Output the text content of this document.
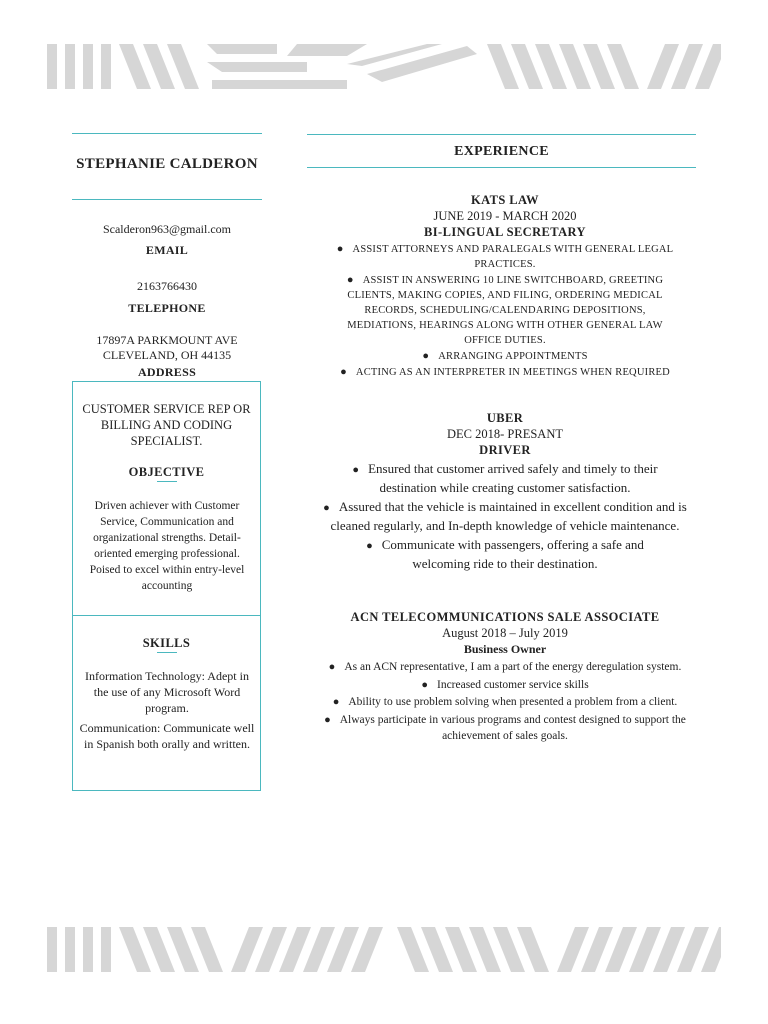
STEPHANIE CALDERON
Scalderon963@gmail.com
EMAIL
2163766430
TELEPHONE
17897A PARKMOUNT AVE
CLEVELAND, OH 44135
ADDRESS
CUSTOMER SERVICE REP OR BILLING AND CODING SPECIALIST.
OBJECTIVE
Driven achiever with Customer Service, Communication and organizational strengths. Detail-oriented emerging professional. Poised to excel within entry-level accounting
SKILLS
Information Technology: Adept in the use of any Microsoft Word program.
Communication: Communicate well in Spanish both orally and written.
EXPERIENCE
KATS LAW
JUNE 2019 - MARCH 2020
BI-LINGUAL SECRETARY
● ASSIST ATTORNEYS AND PARALEGALS WITH GENERAL LEGAL PRACTICES.
● ASSIST IN ANSWERING 10 LINE SWITCHBOARD, GREETING CLIENTS, MAKING COPIES, AND FILING, ORDERING MEDICAL RECORDS, SCHEDULING/CALENDARING DEPOSITIONS, MEDIATIONS, HEARINGS ALONG WITH OTHER GENERAL LAW OFFICE DUTIES.
● ARRANGING APPOINTMENTS
● ACTING AS AN INTERPRETER IN MEETINGS WHEN REQUIRED
UBER
DEC 2018- PRESANT
DRIVER
● Ensured that customer arrived safely and timely to their destination while creating customer satisfaction.
● Assured that the vehicle is maintained in excellent condition and is cleaned regularly, and In-depth knowledge of vehicle maintenance.
● Communicate with passengers, offering a safe and welcoming ride to their destination.
ACN TELECOMMUNICATIONS SALE ASSOCIATE
August 2018 – July 2019
Business Owner
● As an ACN representative, I am a part of the energy deregulation system.
● Increased customer service skills
● Ability to use problem solving when presented a problem from a client.
● Always participate in various programs and contest designed to support the achievement of sales goals.
